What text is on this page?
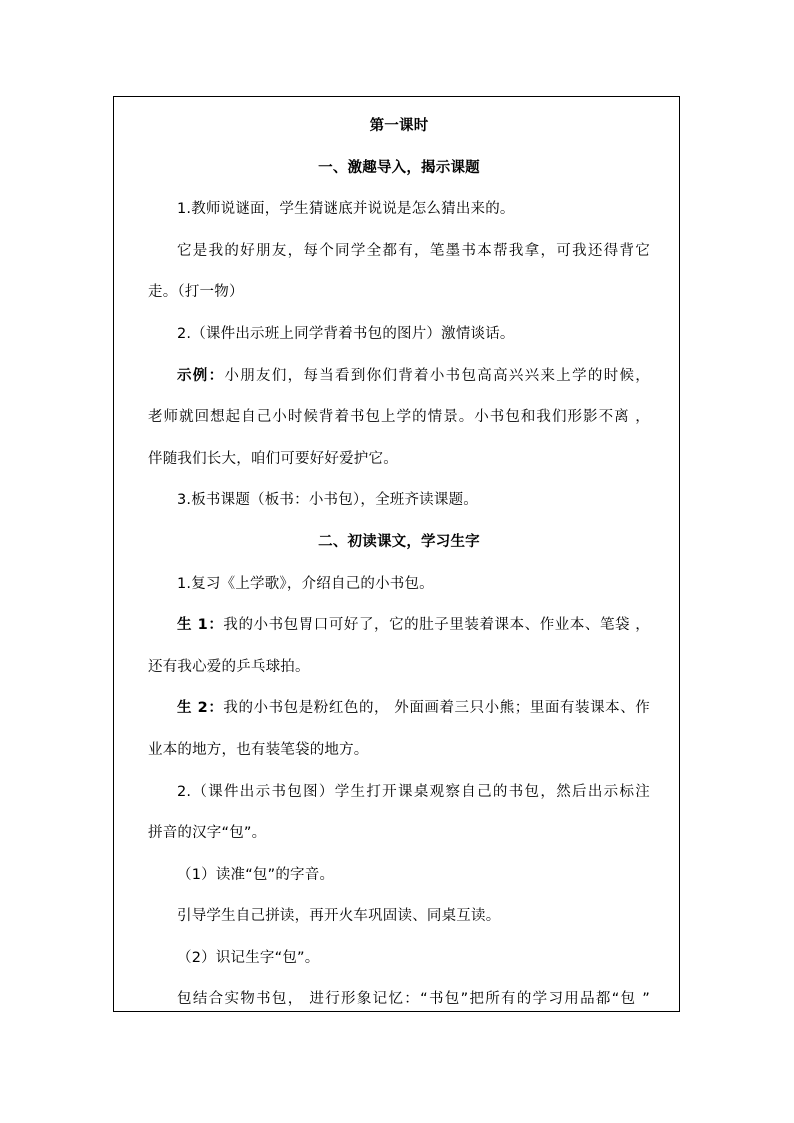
第一课时
一、激趣导入，揭示课题
1.教师说谜面，学生猜谜底并说说是怎么猜出来的。
它是我的好朋友，每个同学全都有，笔墨书本帮我拿，可我还得背它
走。（打一物）
2.（课件出示班上同学背着书包的图片）激情谈话。
示例：小朋友们，每当看到你们背着小书包高高兴兴来上学的时候，
老师就回想起自己小时候背着书包上学的情景。小书包和我们形影不离 ，
伴随我们长大，咱们可要好好爱护它。
3.板书课题（板书：小书包），全班齐读课题。
二、初读课文，学习生字
1.复习《上学歌》，介绍自己的小书包。
生 1：我的小书包胃口可好了，它的肚子里装着课本、作业本、笔袋 ，
还有我心爱的乒乓球拍。
生 2：我的小书包是粉红色的， 外面画着三只小熊；里面有装课本、作
业本的地方，也有装笔袋的地方。
2.（课件出示书包图）学生打开课桌观察自己的书包，然后出示标注
拼音的汉字“包”。
（1）读准“包”的字音。
引导学生自己拼读，再开火车巩固读、同桌互读。
（2）识记生字“包”。
包结合实物书包， 进行形象记忆：“书包”把所有的学习用品都“包 ”
